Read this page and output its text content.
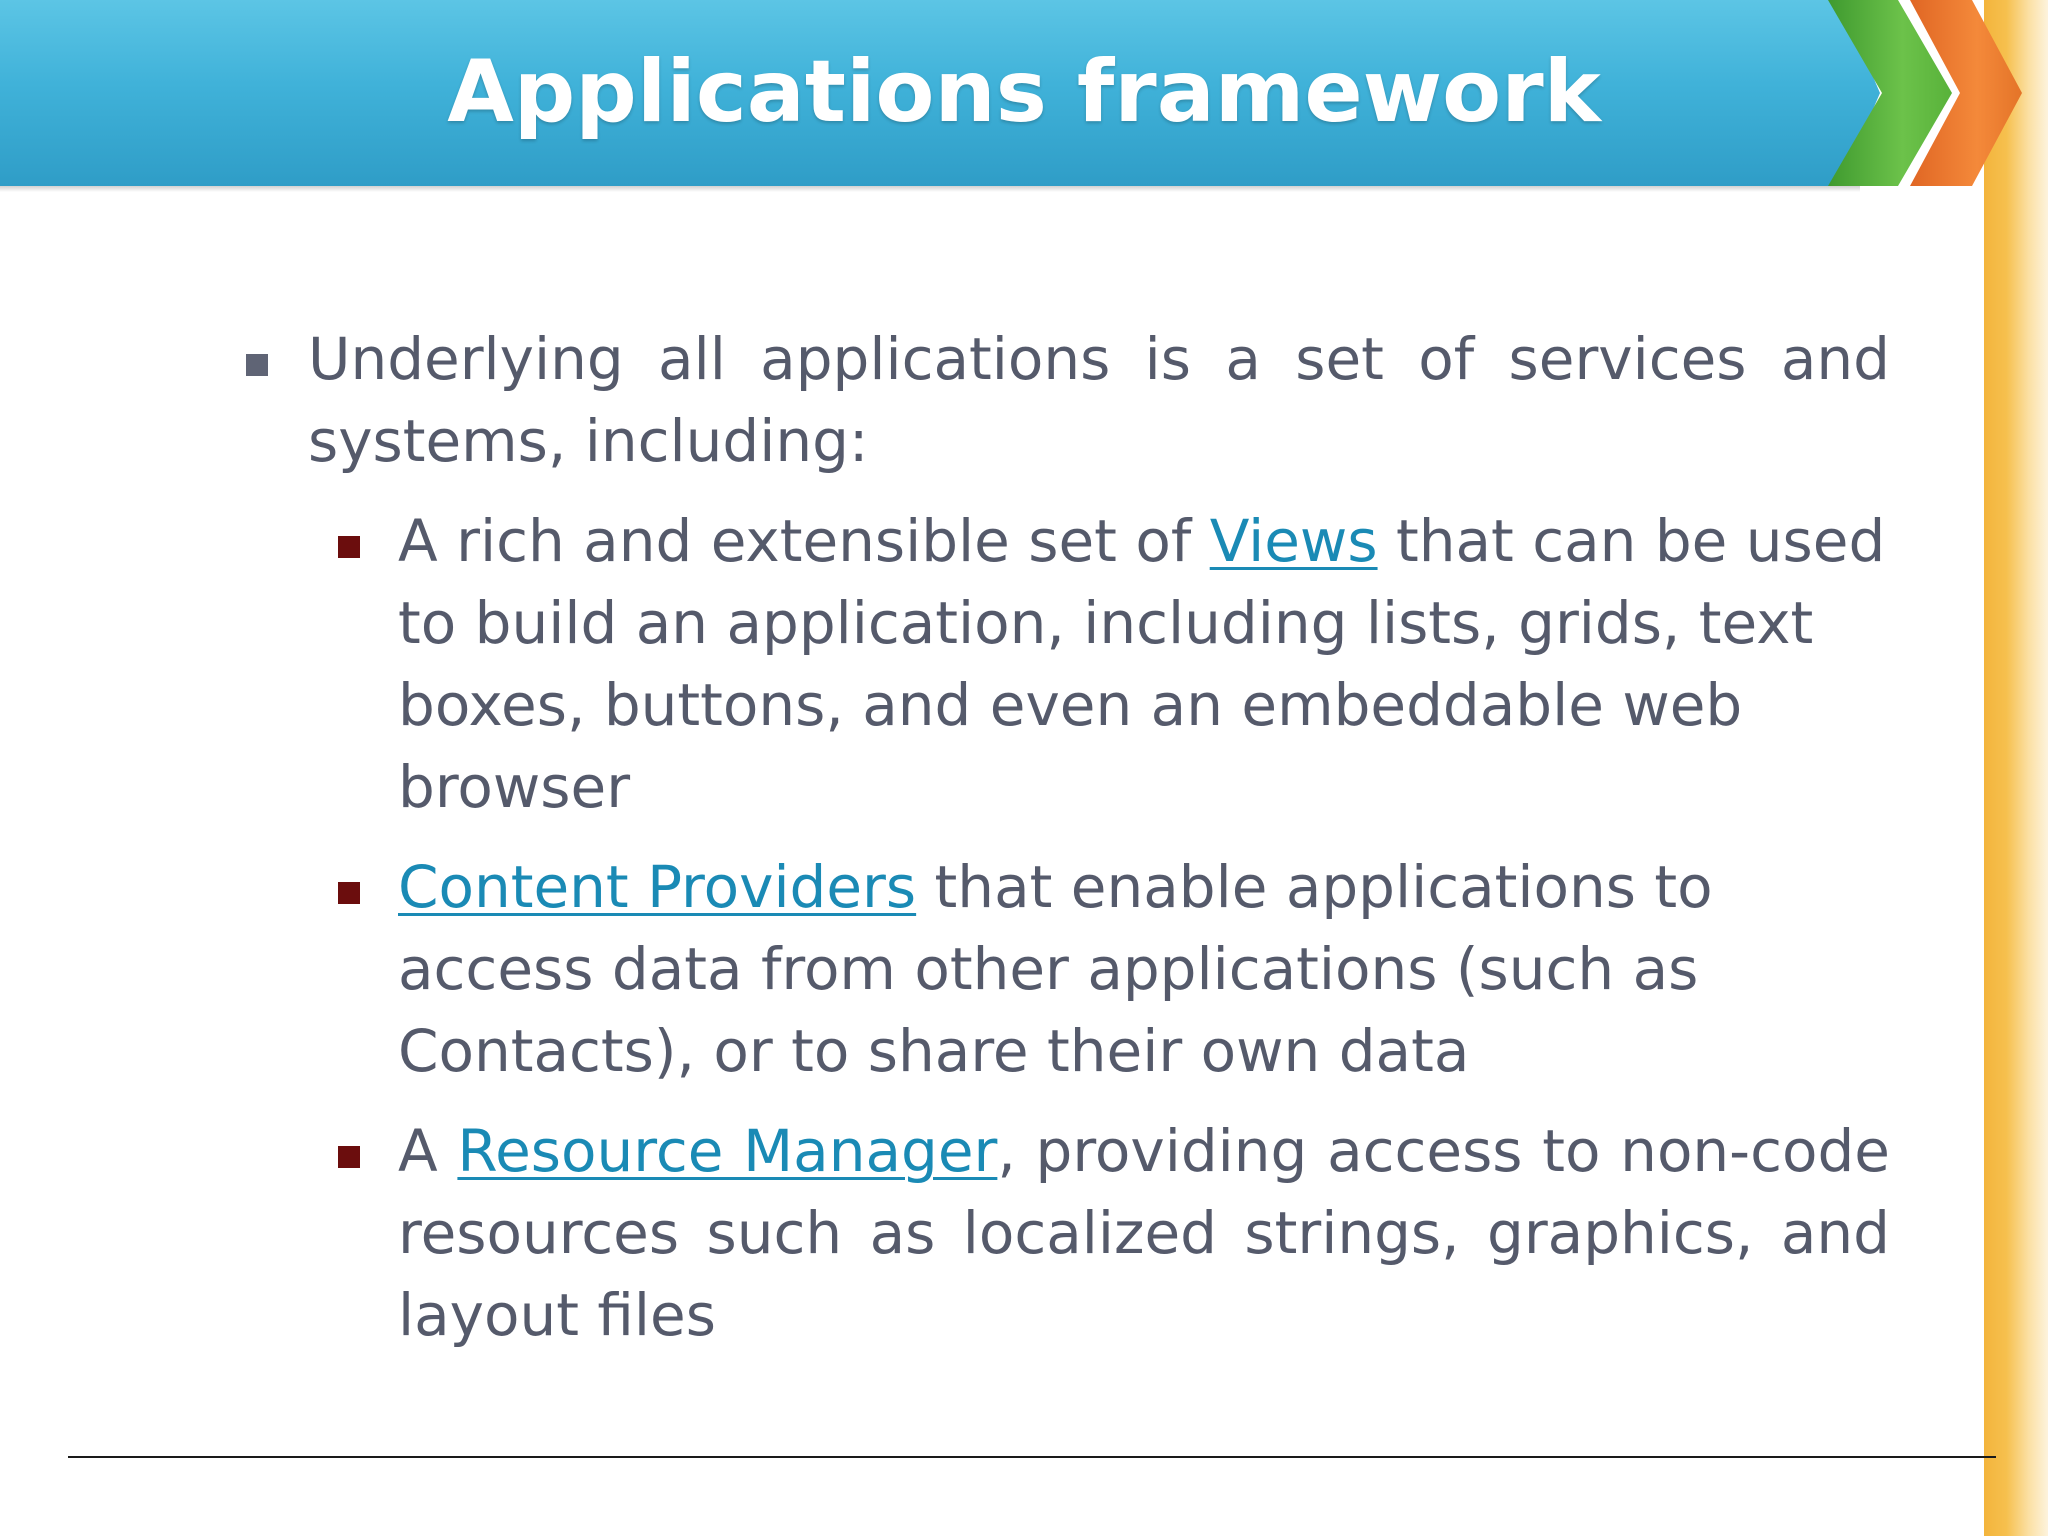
Applications framework
Underlying all applications is a set of services and systems, including:
A rich and extensible set of Views that can be used to build an application, including lists, grids, text boxes, buttons, and even an embeddable web browser
Content Providers that enable applications to access data from other applications (such as Contacts), or to share their own data
A Resource Manager, providing access to non-code resources such as localized strings, graphics, and layout files
